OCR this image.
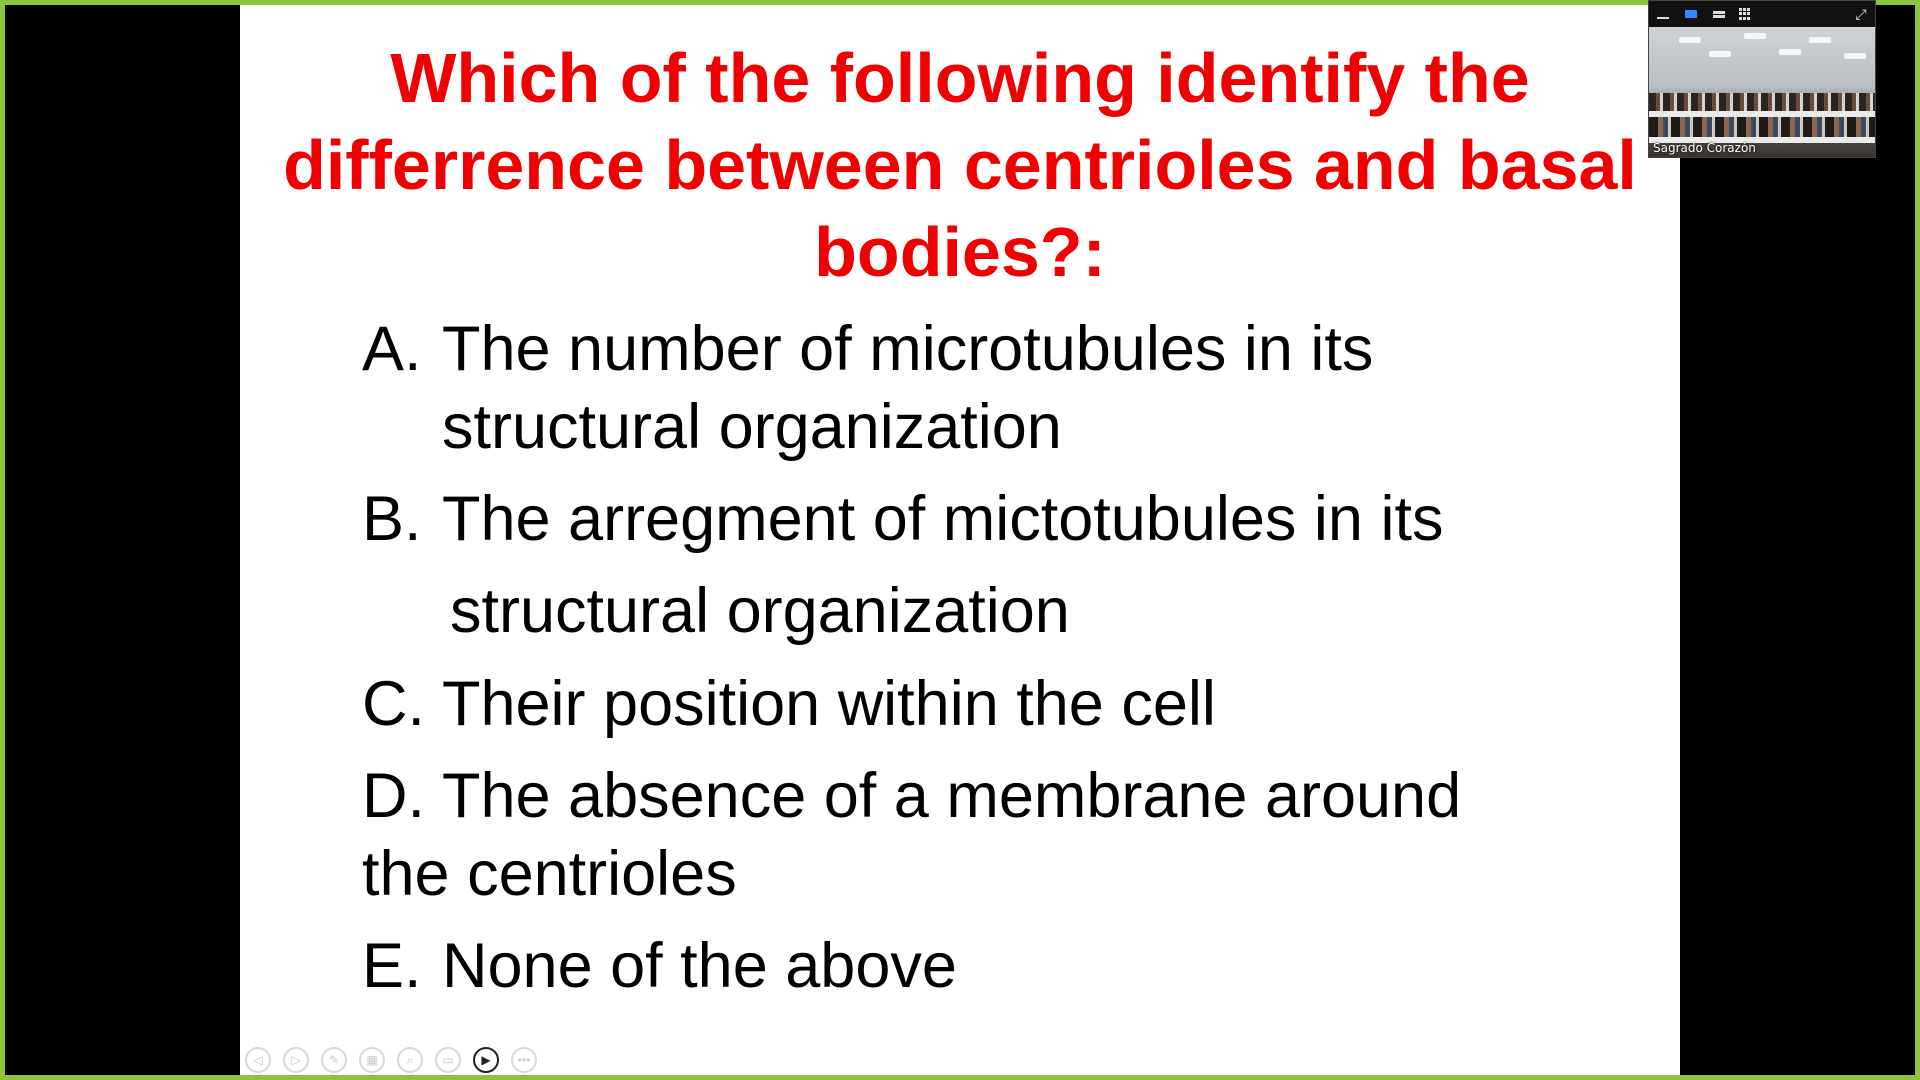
Which of the following identify the differrence between centrioles and basal bodies?:
A. The number of microtubules in its
structural organization
B. The arregment of mictotubules in its
structural organization
C. Their position within the cell
D. The absence of a membrane around
the centrioles
E. None of the above
◁	▷	✎	▦	⌕	▭	▶	•••
⤢
Sagrado Corazón
